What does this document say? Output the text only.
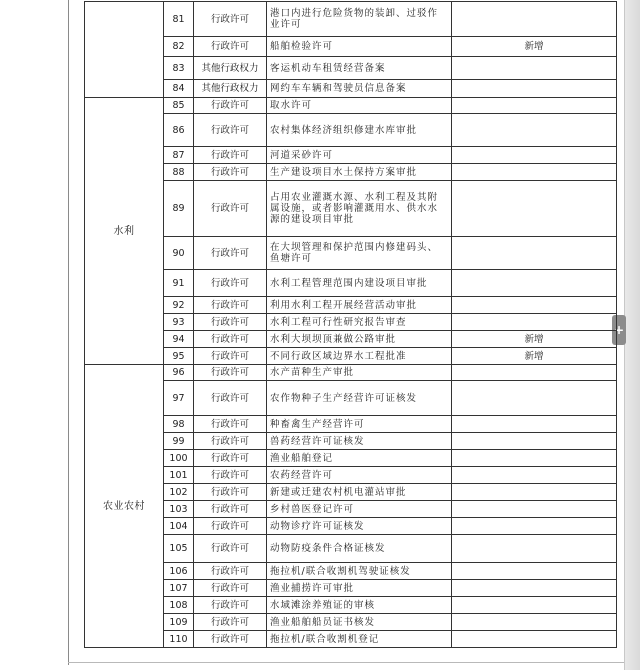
+
	81	行政许可	港口内进行危险货物的装卸、过驳作业许可	
	82	行政许可	船舶检验许可	新增
	83	其他行政权力	客运机动车租赁经营备案	
	84	其他行政权力	网约车车辆和驾驶员信息备案	
水利	85	行政许可	取水许可	
	86	行政许可	农村集体经济组织修建水库审批	
	87	行政许可	河道采砂许可	
	88	行政许可	生产建设项目水土保持方案审批	
	89	行政许可	占用农业灌溉水源、水利工程及其附属设施，或者影响灌溉用水、供水水源的建设项目审批	
	90	行政许可	在大坝管理和保护范围内修建码头、鱼塘许可	
	91	行政许可	水利工程管理范围内建设项目审批	
	92	行政许可	利用水利工程开展经营活动审批	
	93	行政许可	水利工程可行性研究报告审查	
	94	行政许可	水利大坝坝顶兼做公路审批	新增
	95	行政许可	不同行政区域边界水工程批准	新增
农业农村	96	行政许可	水产苗种生产审批	
	97	行政许可	农作物种子生产经营许可证核发	
	98	行政许可	种畜禽生产经营许可	
	99	行政许可	兽药经营许可证核发	
	100	行政许可	渔业船舶登记	
	101	行政许可	农药经营许可	
	102	行政许可	新建或迁建农村机电灌站审批	
	103	行政许可	乡村兽医登记许可	
	104	行政许可	动物诊疗许可证核发	
	105	行政许可	动物防疫条件合格证核发	
	106	行政许可	拖拉机/联合收割机驾驶证核发	
	107	行政许可	渔业捕捞许可审批	
	108	行政许可	水域滩涂养殖证的审核	
	109	行政许可	渔业船舶船员证书核发	
	110	行政许可	拖拉机/联合收割机登记	
